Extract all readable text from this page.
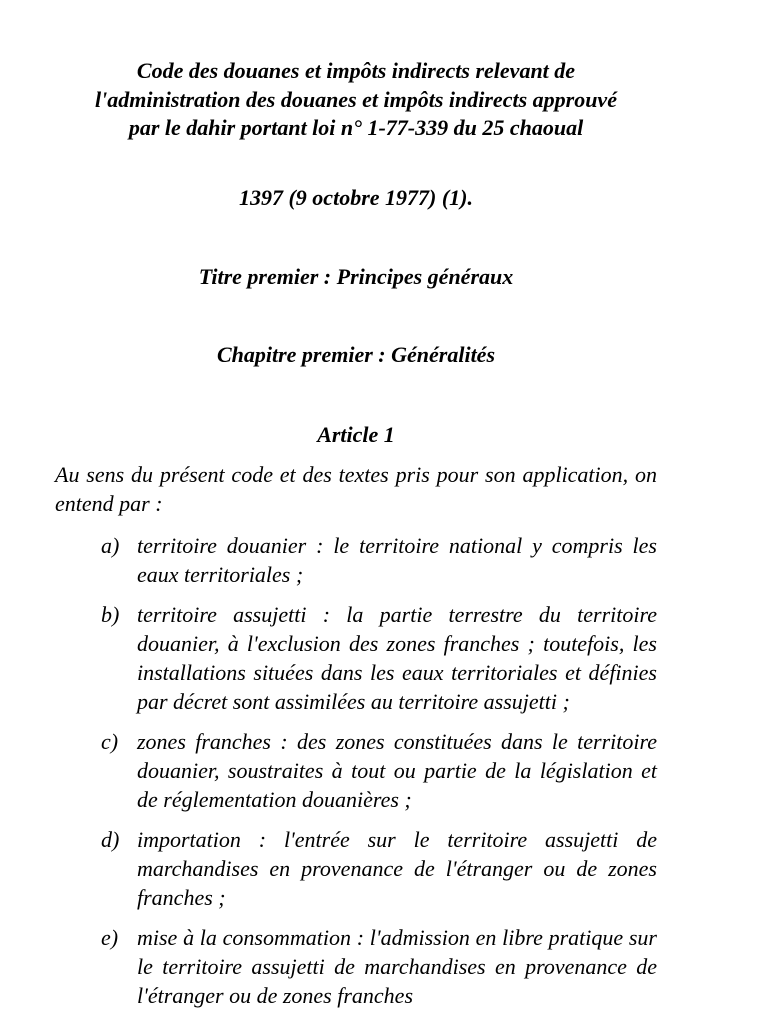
Code des douanes et impôts indirects relevant de l'administration des douanes et impôts indirects approuvé par le dahir portant loi n° 1-77-339 du 25 chaoual

1397 (9 octobre 1977) (1).

Titre premier : Principes généraux

Chapitre premier : Généralités

Article 1

Au sens du présent code et des textes pris pour son application, on entend par :

a) territoire douanier : le territoire national y compris les eaux territoriales ;
b) territoire assujetti : la partie terrestre du territoire douanier, à l'exclusion des zones franches ; toutefois, les installations situées dans les eaux territoriales et définies par décret sont assimilées au territoire assujetti ;
c) zones franches : des zones constituées dans le territoire douanier, soustraites à tout ou partie de la législation et de réglementation douanières ;
d) importation : l'entrée sur le territoire assujetti de marchandises en provenance de l'étranger ou de zones franches ;
e) mise à la consommation : l'admission en libre pratique sur le territoire assujetti de marchandises en provenance de l'étranger ou de zones franches
